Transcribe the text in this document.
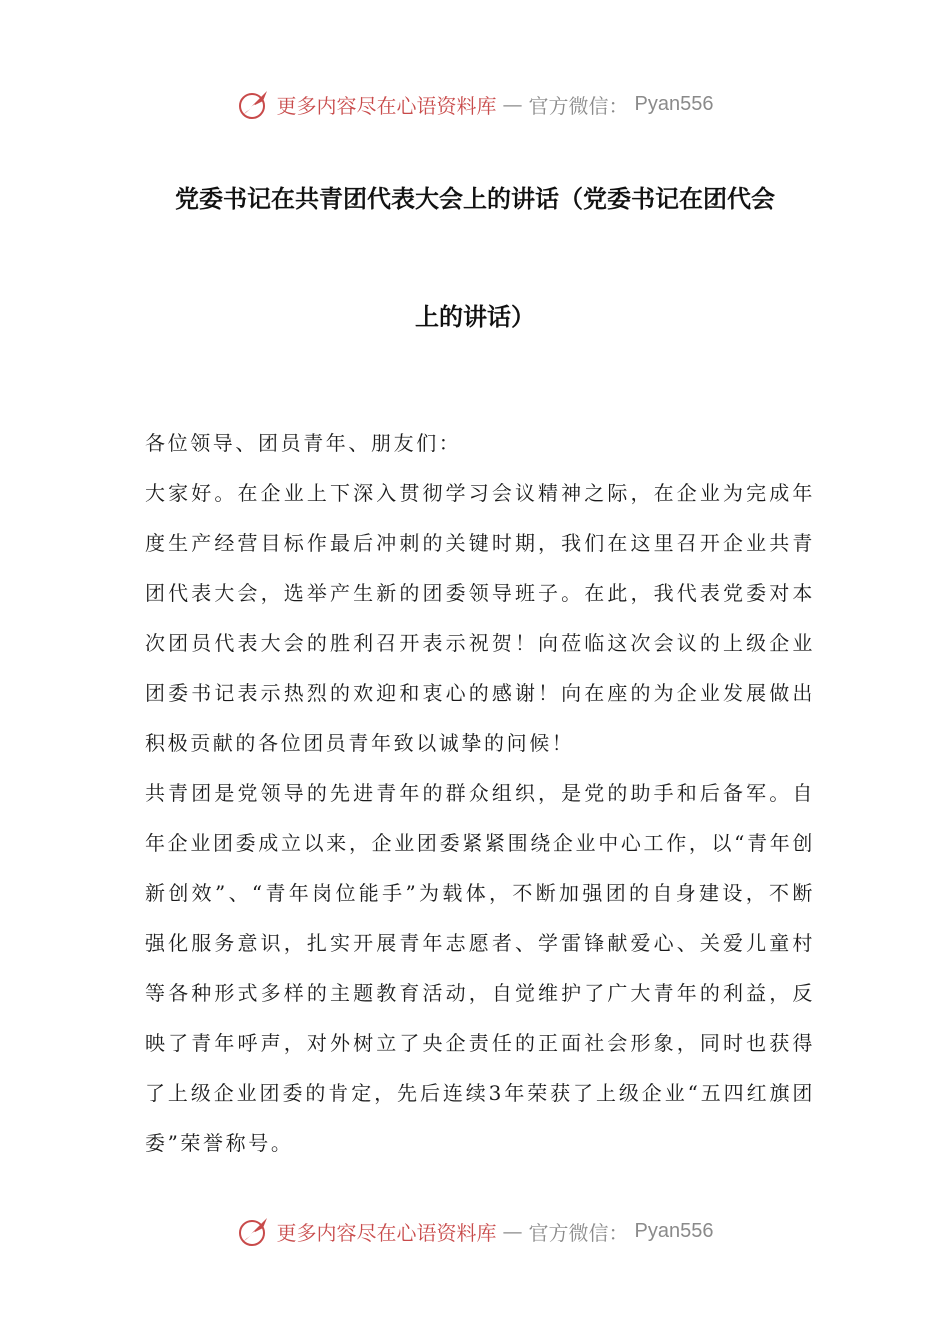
更多内容尽在心语资料库 — 官方微信： Pyan556
党委书记在共青团代表大会上的讲话（党委书记在团代会
上的讲话）

各位领导、团员青年、朋友们：

大家好。在企业上下深入贯彻学习会议精神之际，在企业为完成年度生产经营目标作最后冲刺的关键时期，我们在这里召开企业共青团代表大会，选举产生新的团委领导班子。在此，我代表党委对本次团员代表大会的胜利召开表示祝贺！向莅临这次会议的上级企业团委书记表示热烈的欢迎和衷心的感谢！向在座的为企业发展做出积极贡献的各位团员青年致以诚挚的问候！

共青团是党领导的先进青年的群众组织，是党的助手和后备军。自年企业团委成立以来，企业团委紧紧围绕企业中心工作，以“青年创新创效”、“青年岗位能手”为载体，不断加强团的自身建设，不断强化服务意识，扎实开展青年志愿者、学雷锋献爱心、关爱儿童村等各种形式多样的主题教育活动，自觉维护了广大青年的利益，反映了青年呼声，对外树立了央企责任的正面社会形象，同时也获得了上级企业团委的肯定，先后连续3年荣获了上级企业“五四红旗团委”荣誉称号。

更多内容尽在心语资料库 — 官方微信： Pyan556
